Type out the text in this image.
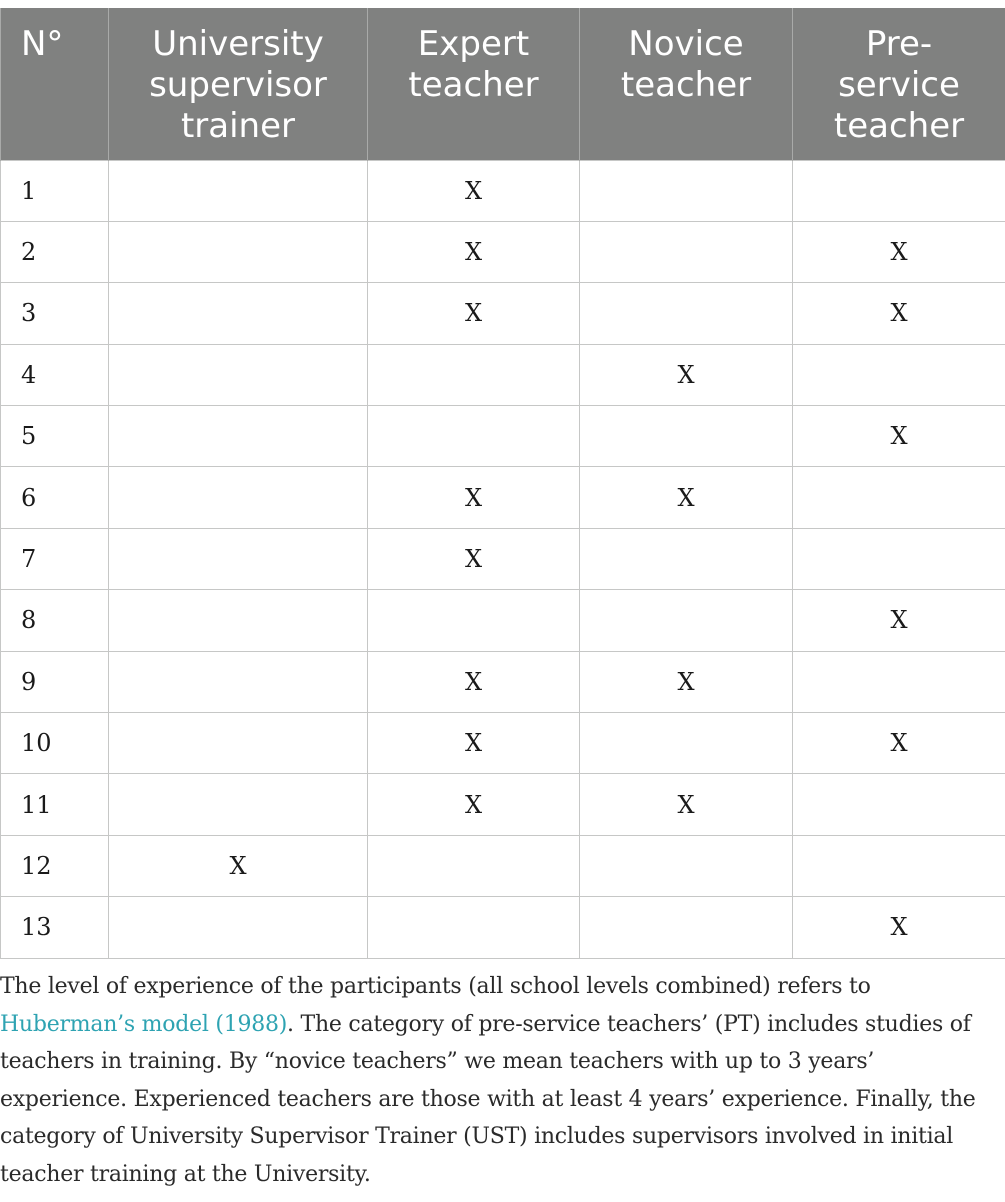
N°	University
supervisor
trainer	Expert
teacher	Novice
teacher	Pre-
service
teacher
1		X		
2		X		X
3		X		X
4			X	
5				X
6		X	X	
7		X		
8				X
9		X	X	
10		X		X
11		X	X	
12	X			
13				X

The level of experience of the participants (all school levels combined) refers to Huberman’s model (1988). The category of pre-service teachers’ (PT) includes studies of teachers in training. By “novice teachers” we mean teachers with up to 3 years’ experience. Experienced teachers are those with at least 4 years’ experience. Finally, the category of University Supervisor Trainer (UST) includes supervisors involved in initial teacher training at the University.
